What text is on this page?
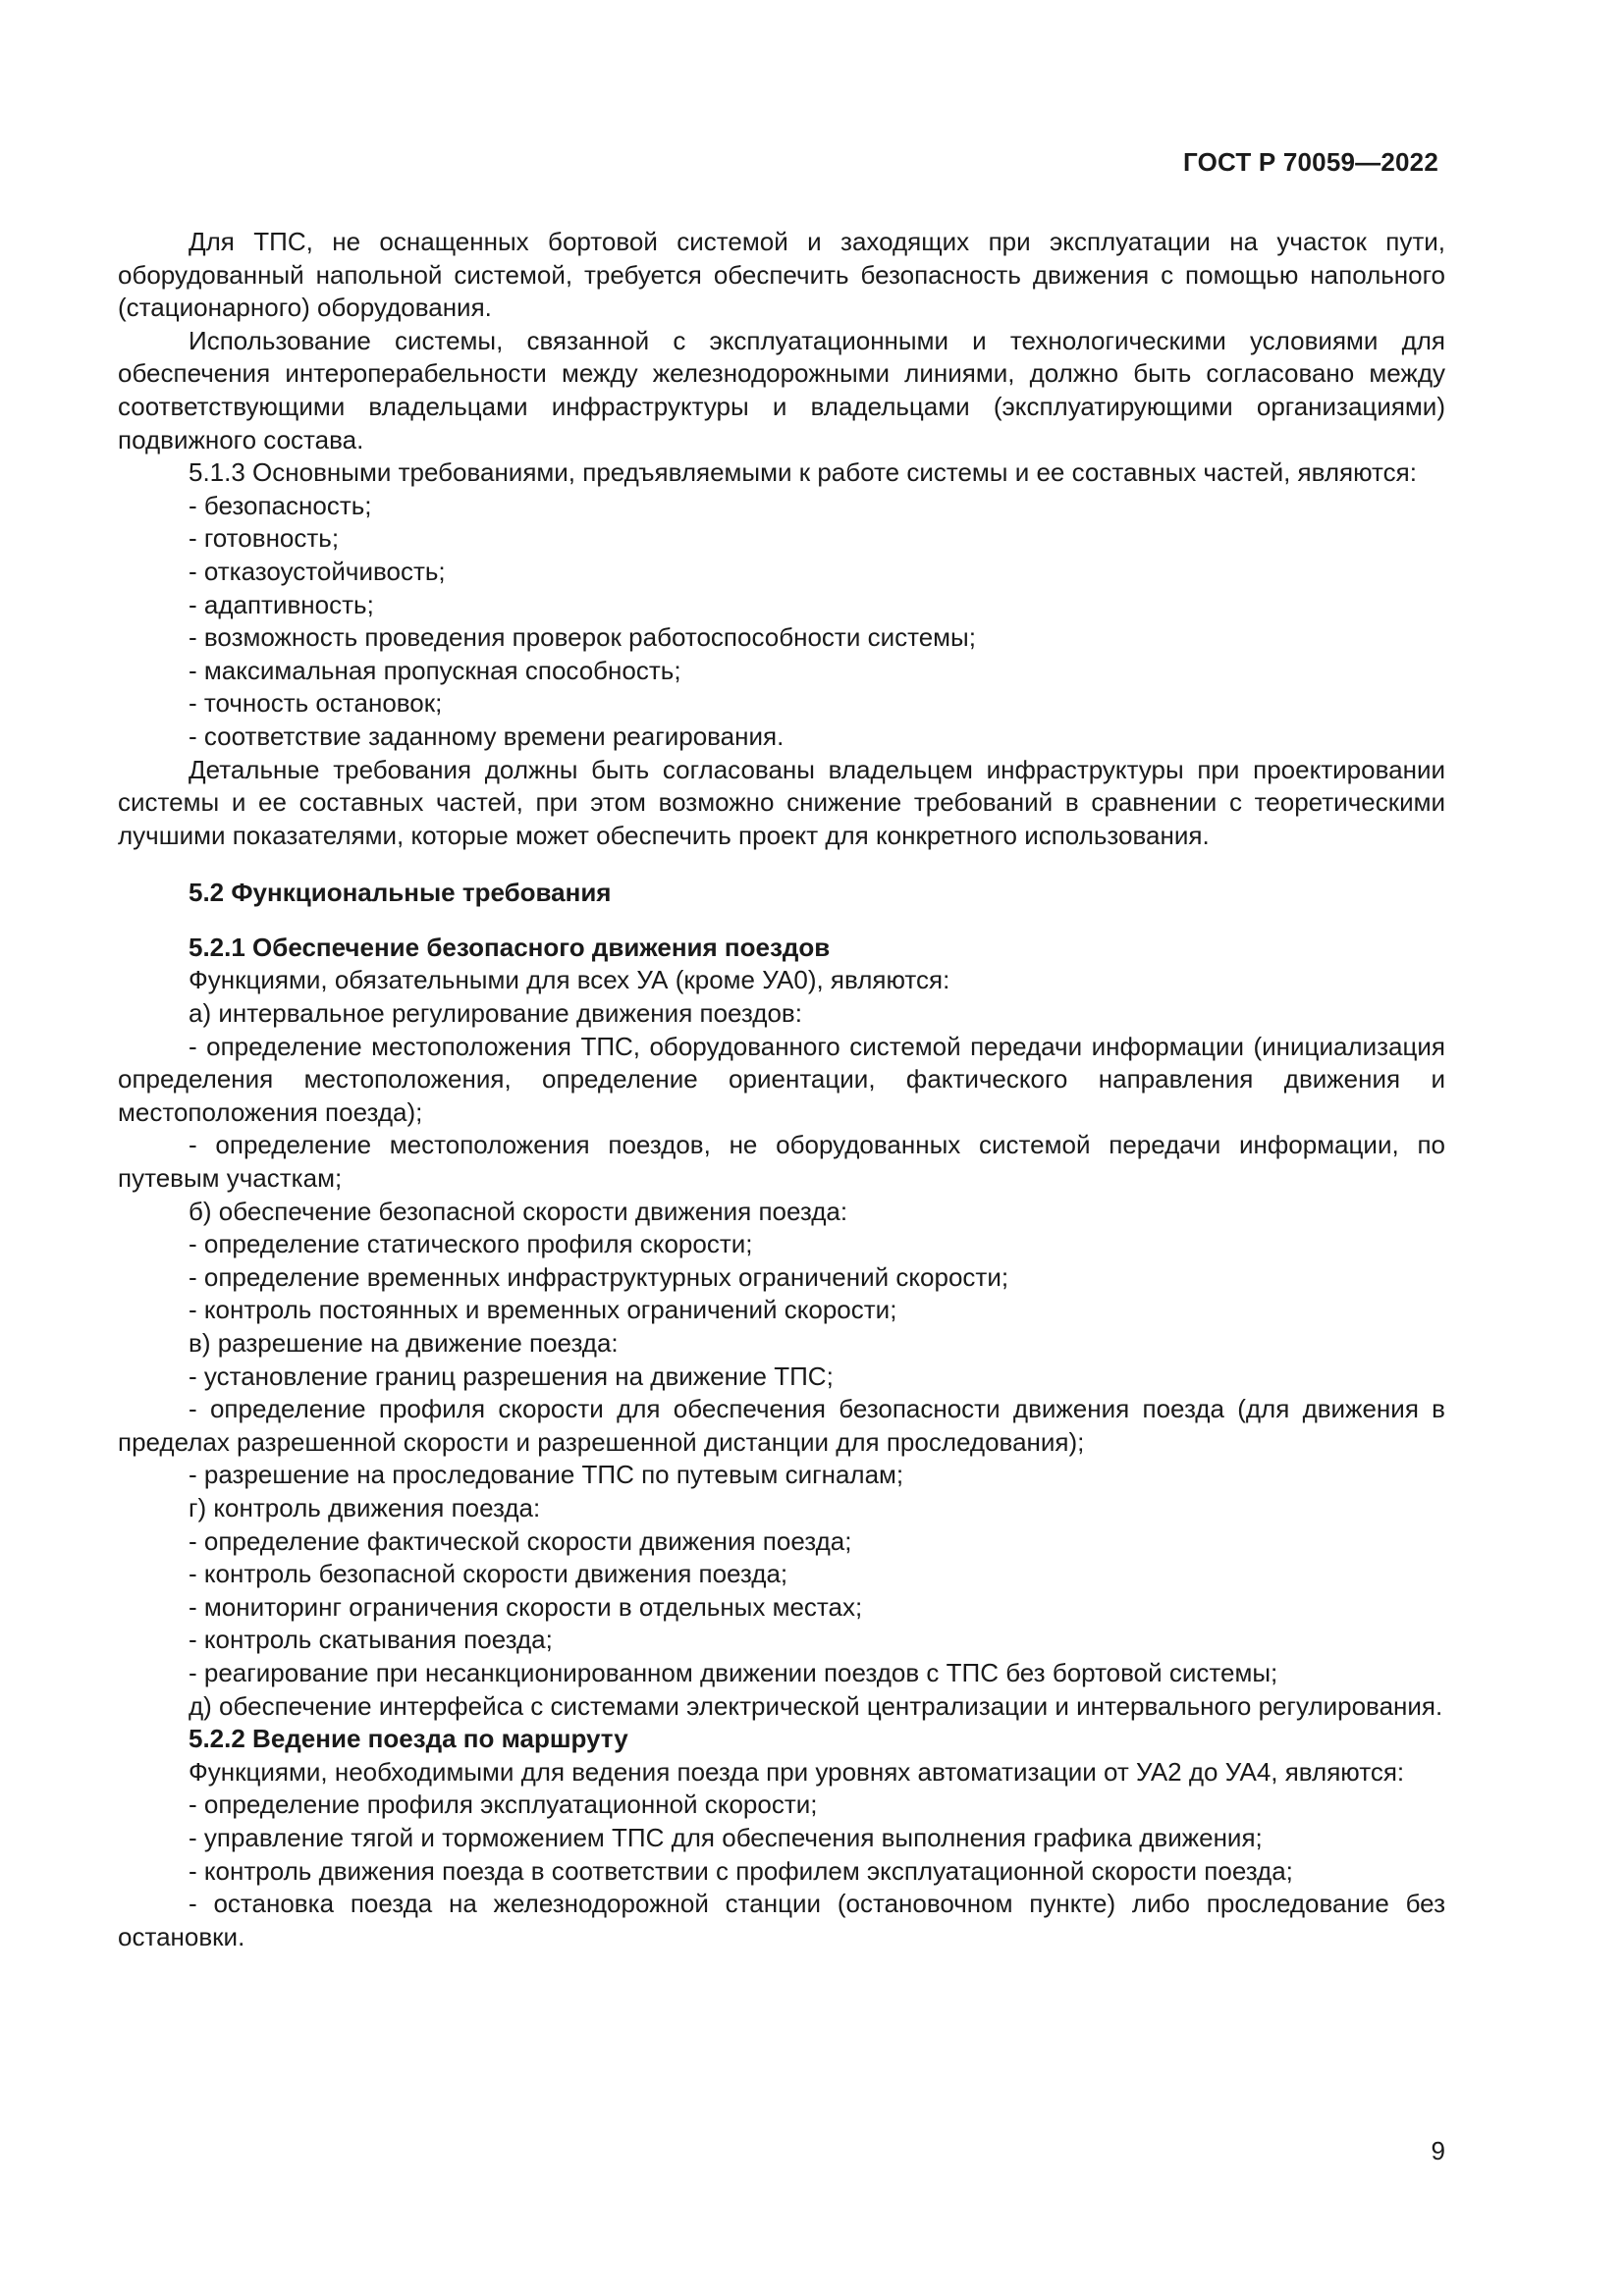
ГОСТ Р 70059—2022

Для ТПС, не оснащенных бортовой системой и заходящих при эксплуатации на участок пути, оборудованный напольной системой, требуется обеспечить безопасность движения с помощью напольного (стационарного) оборудования.

Использование системы, связанной с эксплуатационными и технологическими условиями для обеспечения интероперабельности между железнодорожными линиями, должно быть согласовано между соответствующими владельцами инфраструктуры и владельцами (эксплуатирующими организациями) подвижного состава.

5.1.3 Основными требованиями, предъявляемыми к работе системы и ее составных частей, являются:

- безопасность;

- готовность;

- отказоустойчивость;

- адаптивность;

- возможность проведения проверок работоспособности системы;

- максимальная пропускная способность;

- точность остановок;

- соответствие заданному времени реагирования.

Детальные требования должны быть согласованы владельцем инфраструктуры при проектировании системы и ее составных частей, при этом возможно снижение требований в сравнении с теоретическими лучшими показателями, которые может обеспечить проект для конкретного использования.

5.2 Функциональные требования
5.2.1 Обеспечение безопасного движения поездов

Функциями, обязательными для всех УА (кроме УА0), являются:

а) интервальное регулирование движения поездов:

- определение местоположения ТПС, оборудованного системой передачи информации (инициализация определения местоположения, определение ориентации, фактического направления движения и местоположения поезда);

- определение местоположения поездов, не оборудованных системой передачи информации, по путевым участкам;

б) обеспечение безопасной скорости движения поезда:

- определение статического профиля скорости;

- определение временных инфраструктурных ограничений скорости;

- контроль постоянных и временных ограничений скорости;

в) разрешение на движение поезда:

- установление границ разрешения на движение ТПС;

- определение профиля скорости для обеспечения безопасности движения поезда (для движения в пределах разрешенной скорости и разрешенной дистанции для проследования);

- разрешение на проследование ТПС по путевым сигналам;

г) контроль движения поезда:

- определение фактической скорости движения поезда;

- контроль безопасной скорости движения поезда;

- мониторинг ограничения скорости в отдельных местах;

- контроль скатывания поезда;

- реагирование при несанкционированном движении поездов с ТПС без бортовой системы;

д) обеспечение интерфейса с системами электрической централизации и интервального регулирования.

5.2.2 Ведение поезда по маршруту

Функциями, необходимыми для ведения поезда при уровнях автоматизации от УА2 до УА4, являются:

- определение профиля эксплуатационной скорости;

- управление тягой и торможением ТПС для обеспечения выполнения графика движения;

- контроль движения поезда в соответствии с профилем эксплуатационной скорости поезда;

- остановка поезда на железнодорожной станции (остановочном пункте) либо проследование без остановки.

9
